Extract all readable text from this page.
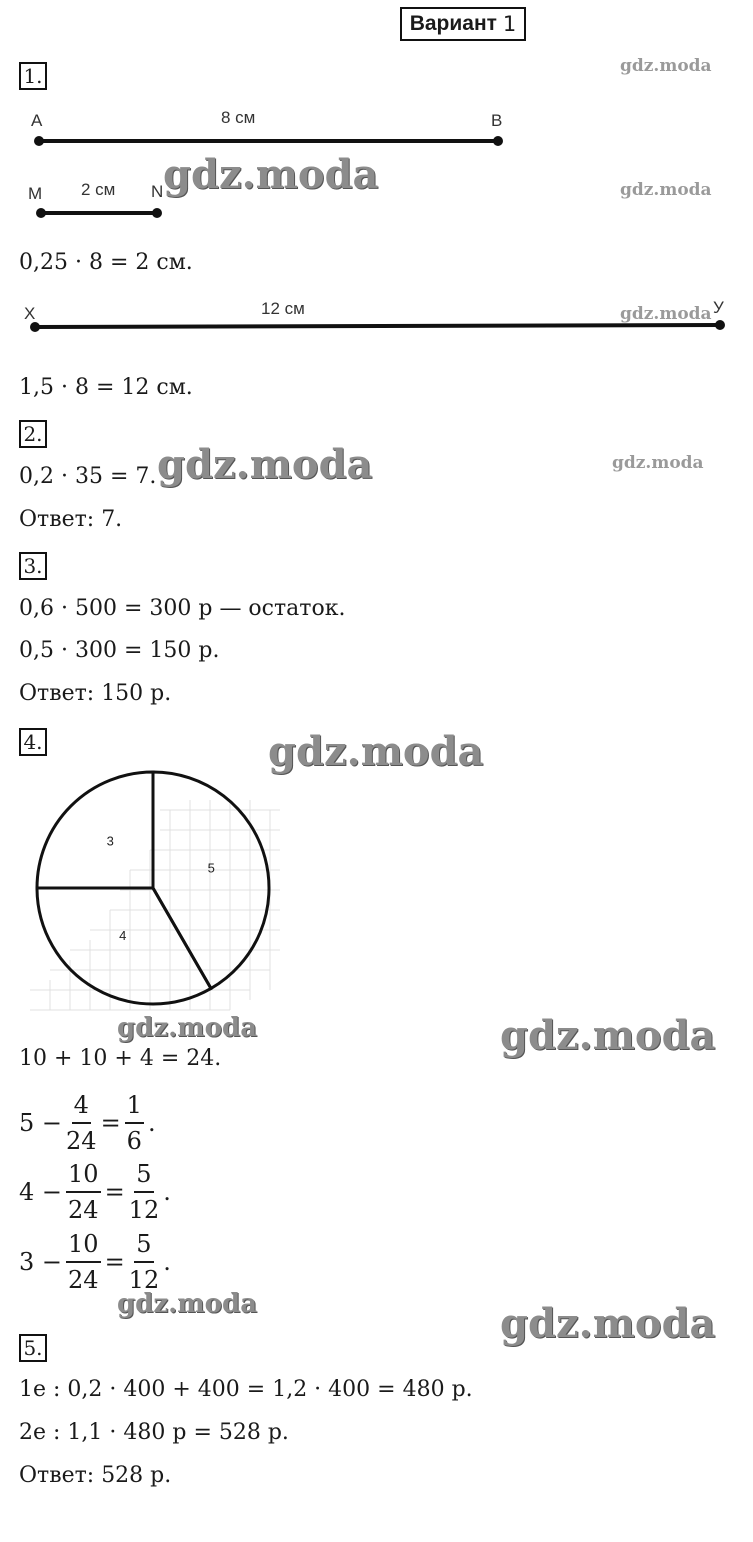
Вариант 1
1.	gdz.moda
A	8 см	B
M 2 см N gdz.moda	gdz.moda
0,25 · 8 = 2 см.
X	12 см	У
gdz.moda
1,5 · 8 = 12 см.
2.
0,2 · 35 = 7. gdz.moda	gdz.moda
Ответ: 7.
3.
0,6 · 500 = 300 р — остаток.
0,5 · 300 = 150 р.
Ответ: 150 р.
4.	gdz.moda
5
4
3
gdz.moda	gdz.moda
10 + 10 + 4 = 24.
$5 - \frac{4}{24} = \frac{1}{6}$ .
$4 - \frac{10}{24} = \frac{5}{12}$ .
$3 - \frac{10}{24} = \frac{5}{12}$ .
gdz.moda	gdz.moda
5.
1е : 0,2 · 400 + 400 = 1,2 · 400 = 480 р.
2е : 1,1 · 480 р = 528 р.
Ответ: 528 р.
